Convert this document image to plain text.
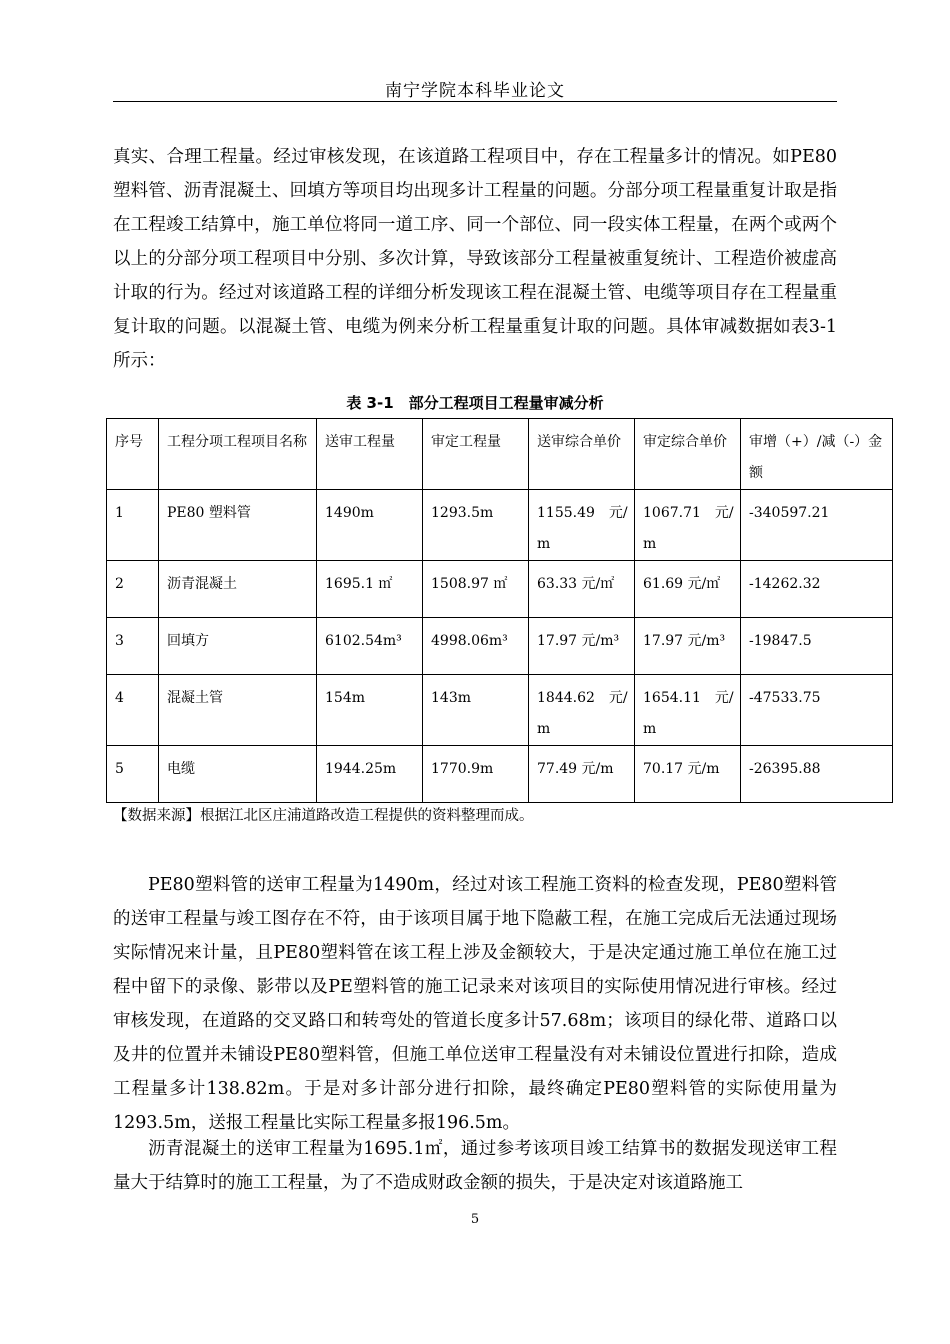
南宁学院本科毕业论文

真实、合理工程量。经过审核发现，在该道路工程项目中，存在工程量多计的情况。如PE80塑料管、沥青混凝土、回填方等项目均出现多计工程量的问题。分部分项工程量重复计取是指在工程竣工结算中，施工单位将同一道工序、同一个部位、同一段实体工程量，在两个或两个以上的分部分项工程项目中分别、多次计算，导致该部分工程量被重复统计、工程造价被虚高计取的行为。经过对该道路工程的详细分析发现该工程在混凝土管、电缆等项目存在工程量重复计取的问题。以混凝土管、电缆为例来分析工程量重复计取的问题。具体审减数据如表3-1所示：

表 3-1　部分工程项目工程量审减分析
序号	工程分项工程项目名称	送审工程量	审定工程量	送审综合单价	审定综合单价	审增（+）/减（-）金额
1	PE80 塑料管	1490m	1293.5m	1155.49　元/m	1067.71　元/m	-340597.21
2	沥青混凝土	1695.1 ㎡	1508.97 ㎡	63.33 元/㎡	61.69 元/㎡	-14262.32
3	回填方	6102.54m³	4998.06m³	17.97 元/m³	17.97 元/m³	-19847.5
4	混凝土管	154m	143m	1844.62　元/m	1654.11　元/m	-47533.75
5	电缆	1944.25m	1770.9m	77.49 元/m	70.17 元/m	-26395.88
【数据来源】根据江北区庄浦道路改造工程提供的资料整理而成。

PE80塑料管的送审工程量为1490m，经过对该工程施工资料的检查发现，PE80塑料管的送审工程量与竣工图存在不符，由于该项目属于地下隐蔽工程，在施工完成后无法通过现场实际情况来计量，且PE80塑料管在该工程上涉及金额较大，于是决定通过施工单位在施工过程中留下的录像、影带以及PE塑料管的施工记录来对该项目的实际使用情况进行审核。经过审核发现，在道路的交叉路口和转弯处的管道长度多计57.68m；该项目的绿化带、道路口以及井的位置并未铺设PE80塑料管，但施工单位送审工程量没有对未铺设位置进行扣除，造成工程量多计138.82m。于是对多计部分进行扣除，最终确定PE80塑料管的实际使用量为1293.5m，送报工程量比实际工程量多报196.5m。

沥青混凝土的送审工程量为1695.1㎡，通过参考该项目竣工结算书的数据发现送审工程量大于结算时的施工工程量，为了不造成财政金额的损失，于是决定对该道路施工

5
